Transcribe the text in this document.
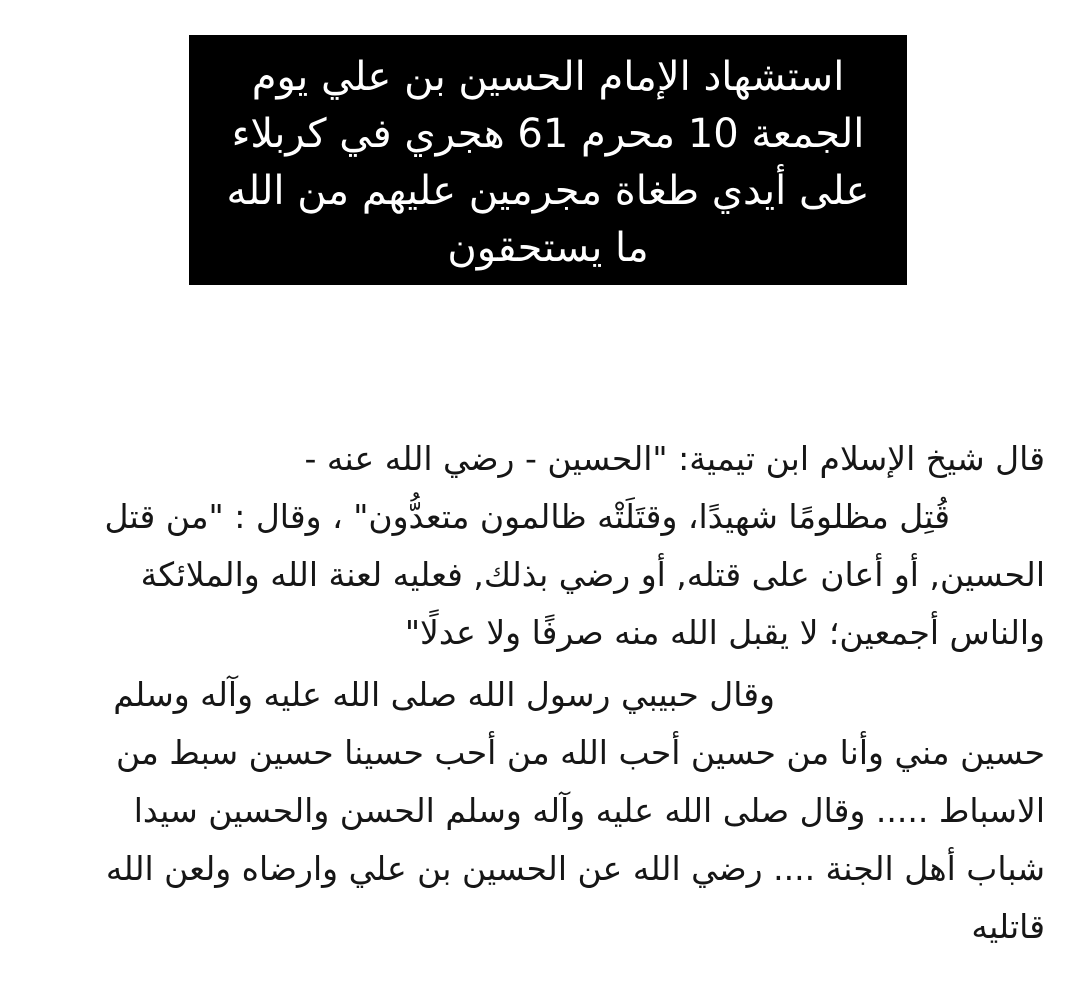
استشهاد الإمام الحسين بن علي يوم
الجمعة 10 محرم 61 هجري في كربلاء
على أيدي طغاة مجرمين عليهم من الله
ما يستحقون
قال شيخ الإسلام ابن تيمية: "الحسين - رضي الله عنه -
قُتِل مظلومًا شهيدًا، وقتَلَتْه ظالمون متعدُّون" ، وقال : "من قتل
الحسين, أو أعان على قتله, أو رضي بذلك, فعليه لعنة الله والملائكة
والناس أجمعين؛ لا يقبل الله منه صرفًا ولا عدلًا"
وقال حبيبي رسول الله صلى الله عليه وآله وسلم
حسين مني وأنا من حسين أحب الله من أحب حسينا حسين سبط من
الاسباط ..... وقال صلى الله عليه وآله وسلم الحسن والحسين سيدا
شباب أهل الجنة .... رضي الله عن الحسين بن علي وارضاه ولعن الله
قاتليه
